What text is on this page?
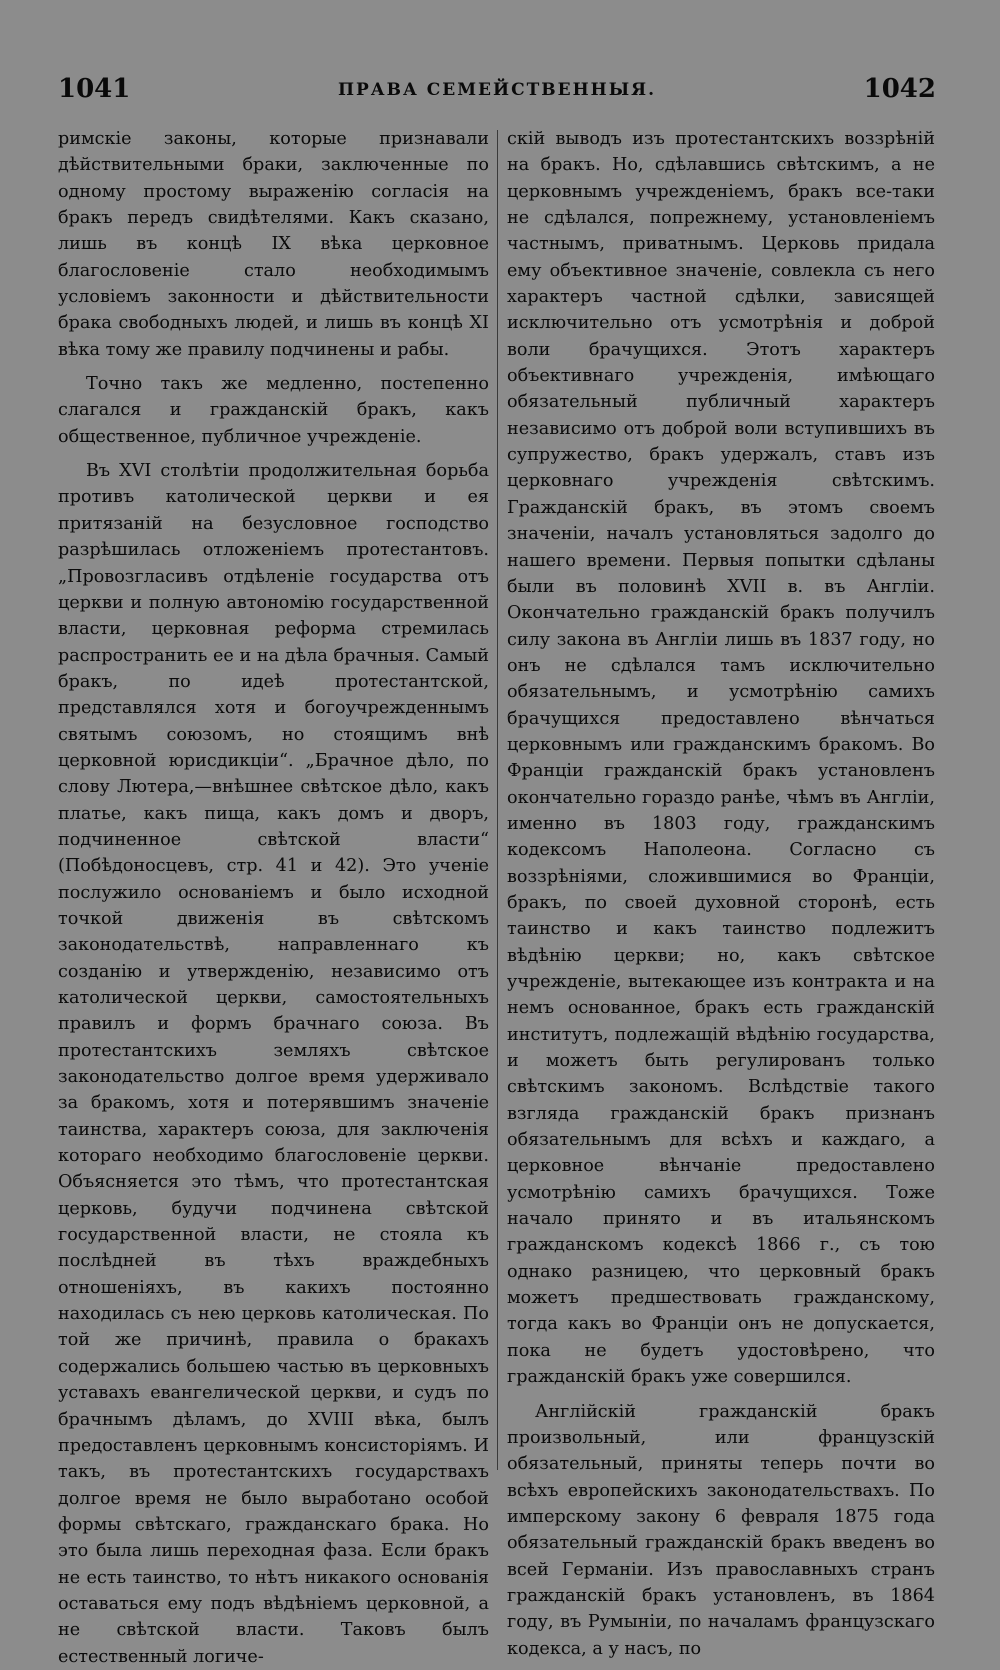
1041	ПРАВА СЕМЕЙСТВЕННЫЯ.	1042

римскіе законы, которые признавали дѣйствительными браки, заключенные по одному простому выраженію согласія на бракъ передъ свидѣтелями. Какъ сказано, лишь въ концѣ IX вѣка церковное благословеніе стало необходимымъ условіемъ законности и дѣйствительности брака свободныхъ людей, и лишь въ концѣ XI вѣка тому же правилу подчинены и рабы.

Точно такъ же медленно, постепенно слагался и гражданскій бракъ, какъ общественное, публичное учрежденіе.

Въ XVI столѣтіи продолжительная борьба противъ католической церкви и ея притязаній на безусловное господство разрѣшилась отложеніемъ протестантовъ. „Провозгласивъ отдѣленіе государства отъ церкви и полную автономію государственной власти, церковная реформа стремилась распространить ее и на дѣла брачныя. Самый бракъ, по идеѣ протестантской, представлялся хотя и богоучрежденнымъ святымъ союзомъ, но стоящимъ внѣ церковной юрисдикціи“. „Брачное дѣло, по слову Лютера,—внѣшнее свѣтское дѣло, какъ платье, какъ пища, какъ домъ и дворъ, подчиненное свѣтской власти“ (Побѣдоносцевъ, стр. 41 и 42). Это ученіе послужило основаніемъ и было исходной точкой движенія въ свѣтскомъ законодательствѣ, направленнаго къ созданію и утвержденію, независимо отъ католической церкви, самостоятельныхъ правилъ и формъ брачнаго союза. Въ протестантскихъ земляхъ свѣтское законодательство долгое время удерживало за бракомъ, хотя и потерявшимъ значеніе таинства, характеръ союза, для заключенія котораго необходимо благословеніе церкви. Объясняется это тѣмъ, что протестантская церковь, будучи подчинена свѣтской государственной власти, не стояла къ послѣдней въ тѣхъ враждебныхъ отношеніяхъ, въ какихъ постоянно находилась съ нею церковь католическая. По той же причинѣ, правила о бракахъ содержались большею частью въ церковныхъ уставахъ евангелической церкви, и судъ по брачнымъ дѣламъ, до XVIII вѣка, былъ предоставленъ церковнымъ консисторіямъ. И такъ, въ протестантскихъ государствахъ долгое время не было выработано особой формы свѣтскаго, гражданскаго брака. Но это была лишь переходная фаза. Если бракъ не есть таинство, то нѣтъ никакого основанія оставаться ему подъ вѣдѣніемъ церковной, а не свѣтской власти. Таковъ былъ естественный логиче-

скій выводъ изъ протестантскихъ воззрѣній на бракъ. Но, сдѣлавшись свѣтскимъ, а не церковнымъ учрежденіемъ, бракъ все-таки не сдѣлался, попрежнему, установленіемъ частнымъ, приватнымъ. Церковь придала ему объективное значеніе, совлекла съ него характеръ частной сдѣлки, зависящей исключительно отъ усмотрѣнія и доброй воли брачущихся. Этотъ характеръ объективнаго учрежденія, имѣющаго обязательный публичный характеръ независимо отъ доброй воли вступившихъ въ супружество, бракъ удержалъ, ставъ изъ церковнаго учрежденія свѣтскимъ. Гражданскій бракъ, въ этомъ своемъ значеніи, началъ установляться задолго до нашего времени. Первыя попытки сдѣланы были въ половинѣ XVII в. въ Англіи. Окончательно гражданскій бракъ получилъ силу закона въ Англіи лишь въ 1837 году, но онъ не сдѣлался тамъ исключительно обязательнымъ, и усмотрѣнію самихъ брачущихся предоставлено вѣнчаться церковнымъ или гражданскимъ бракомъ. Во Франціи гражданскій бракъ установленъ окончательно гораздо ранѣе, чѣмъ въ Англіи, именно въ 1803 году, гражданскимъ кодексомъ Наполеона. Согласно съ воззрѣніями, сложившимися во Франціи, бракъ, по своей духовной сторонѣ, есть таинство и какъ таинство подлежитъ вѣдѣнію церкви; но, какъ свѣтское учрежденіе, вытекающее изъ контракта и на немъ основанное, бракъ есть гражданскій институтъ, подлежащій вѣдѣнію государства, и можетъ быть регулированъ только свѣтскимъ закономъ. Вслѣдствіе такого взгляда гражданскій бракъ признанъ обязательнымъ для всѣхъ и каждаго, а церковное вѣнчаніе предоставлено усмотрѣнію самихъ брачущихся. Тоже начало принято и въ итальянскомъ гражданскомъ кодексѣ 1866 г., съ тою однако разницею, что церковный бракъ можетъ предшествовать гражданскому, тогда какъ во Франціи онъ не допускается, пока не будетъ удостовѣрено, что гражданскій бракъ уже совершился.

Англійскій гражданскій бракъ произвольный, или французскій обязательный, приняты теперь почти во всѣхъ европейскихъ законодательствахъ. По имперскому закону 6 февраля 1875 года обязательный гражданскій бракъ введенъ во всей Германіи. Изъ православныхъ странъ гражданскій бракъ установленъ, въ 1864 году, въ Румыніи, по началамъ французскаго кодекса, а у насъ, по
